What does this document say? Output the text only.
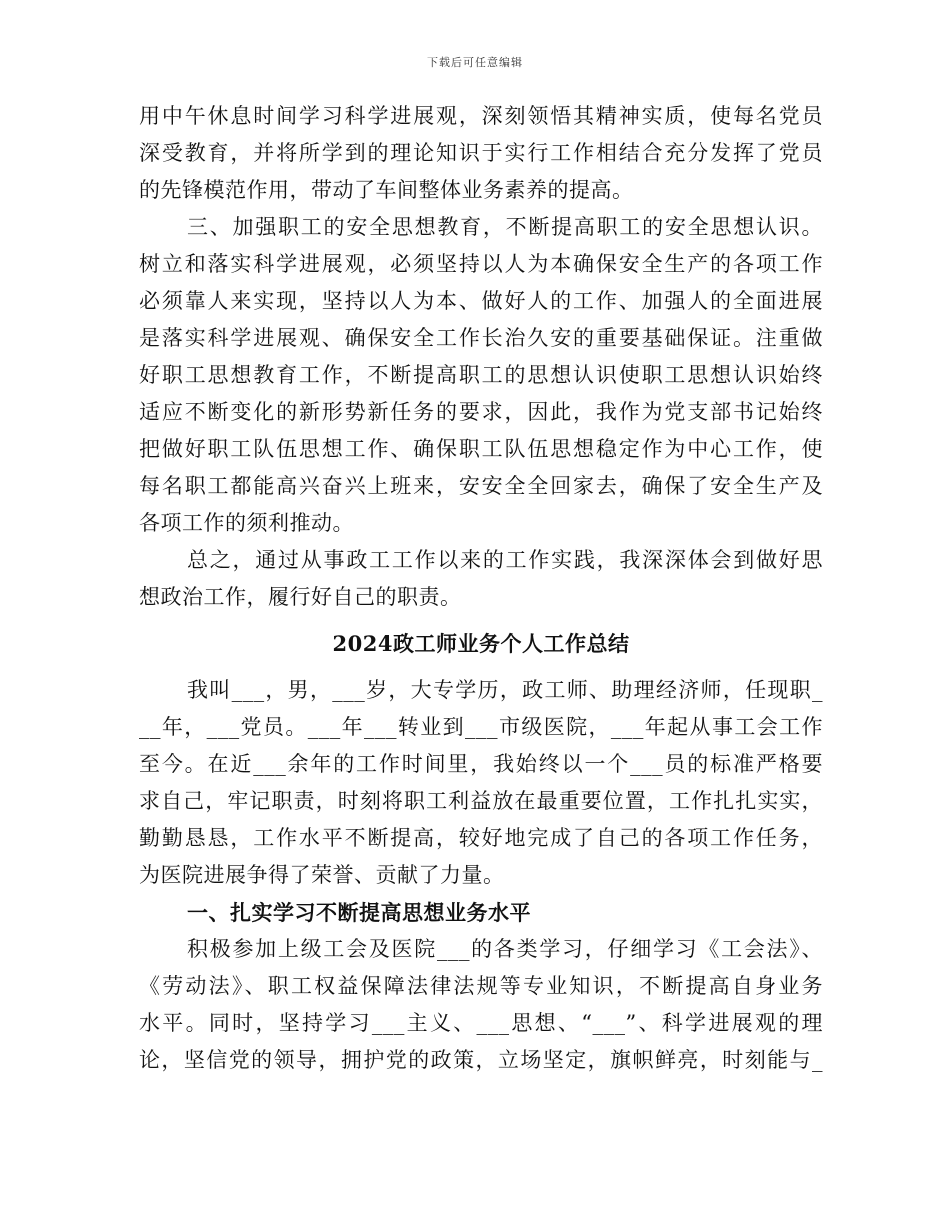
下载后可任意编辑
用中午休息时间学习科学进展观，深刻领悟其精神实质，使每名党员
深受教育，并将所学到的理论知识于实行工作相结合充分发挥了党员
的先锋模范作用，带动了车间整体业务素养的提高。
三、加强职工的安全思想教育，不断提高职工的安全思想认识。
树立和落实科学进展观，必须坚持以人为本确保安全生产的各项工作
必须靠人来实现，坚持以人为本、做好人的工作、加强人的全面进展
是落实科学进展观、确保安全工作长治久安的重要基础保证。注重做
好职工思想教育工作，不断提高职工的思想认识使职工思想认识始终
适应不断变化的新形势新任务的要求，因此，我作为党支部书记始终
把做好职工队伍思想工作、确保职工队伍思想稳定作为中心工作，使
每名职工都能高兴奋兴上班来，安安全全回家去，确保了安全生产及
各项工作的须利推动。
总之，通过从事政工工作以来的工作实践，我深深体会到做好思
想政治工作，履行好自己的职责。
2024政工师业务个人工作总结
我叫___，男，___岁，大专学历，政工师、助理经济师，任现职_
__年，___党员。___年___转业到___市级医院，___年起从事工会工作
至今。在近___余年的工作时间里，我始终以一个___员的标准严格要
求自己，牢记职责，时刻将职工利益放在最重要位置，工作扎扎实实，
勤勤恳恳，工作水平不断提高，较好地完成了自己的各项工作任务，
为医院进展争得了荣誉、贡献了力量。
一、扎实学习不断提高思想业务水平
积极参加上级工会及医院___的各类学习，仔细学习《工会法》、
《劳动法》、职工权益保障法律法规等专业知识，不断提高自身业务
水平。同时，坚持学习___主义、___思想、“___”、科学进展观的理
论，坚信党的领导，拥护党的政策，立场坚定，旗帜鲜亮，时刻能与_
